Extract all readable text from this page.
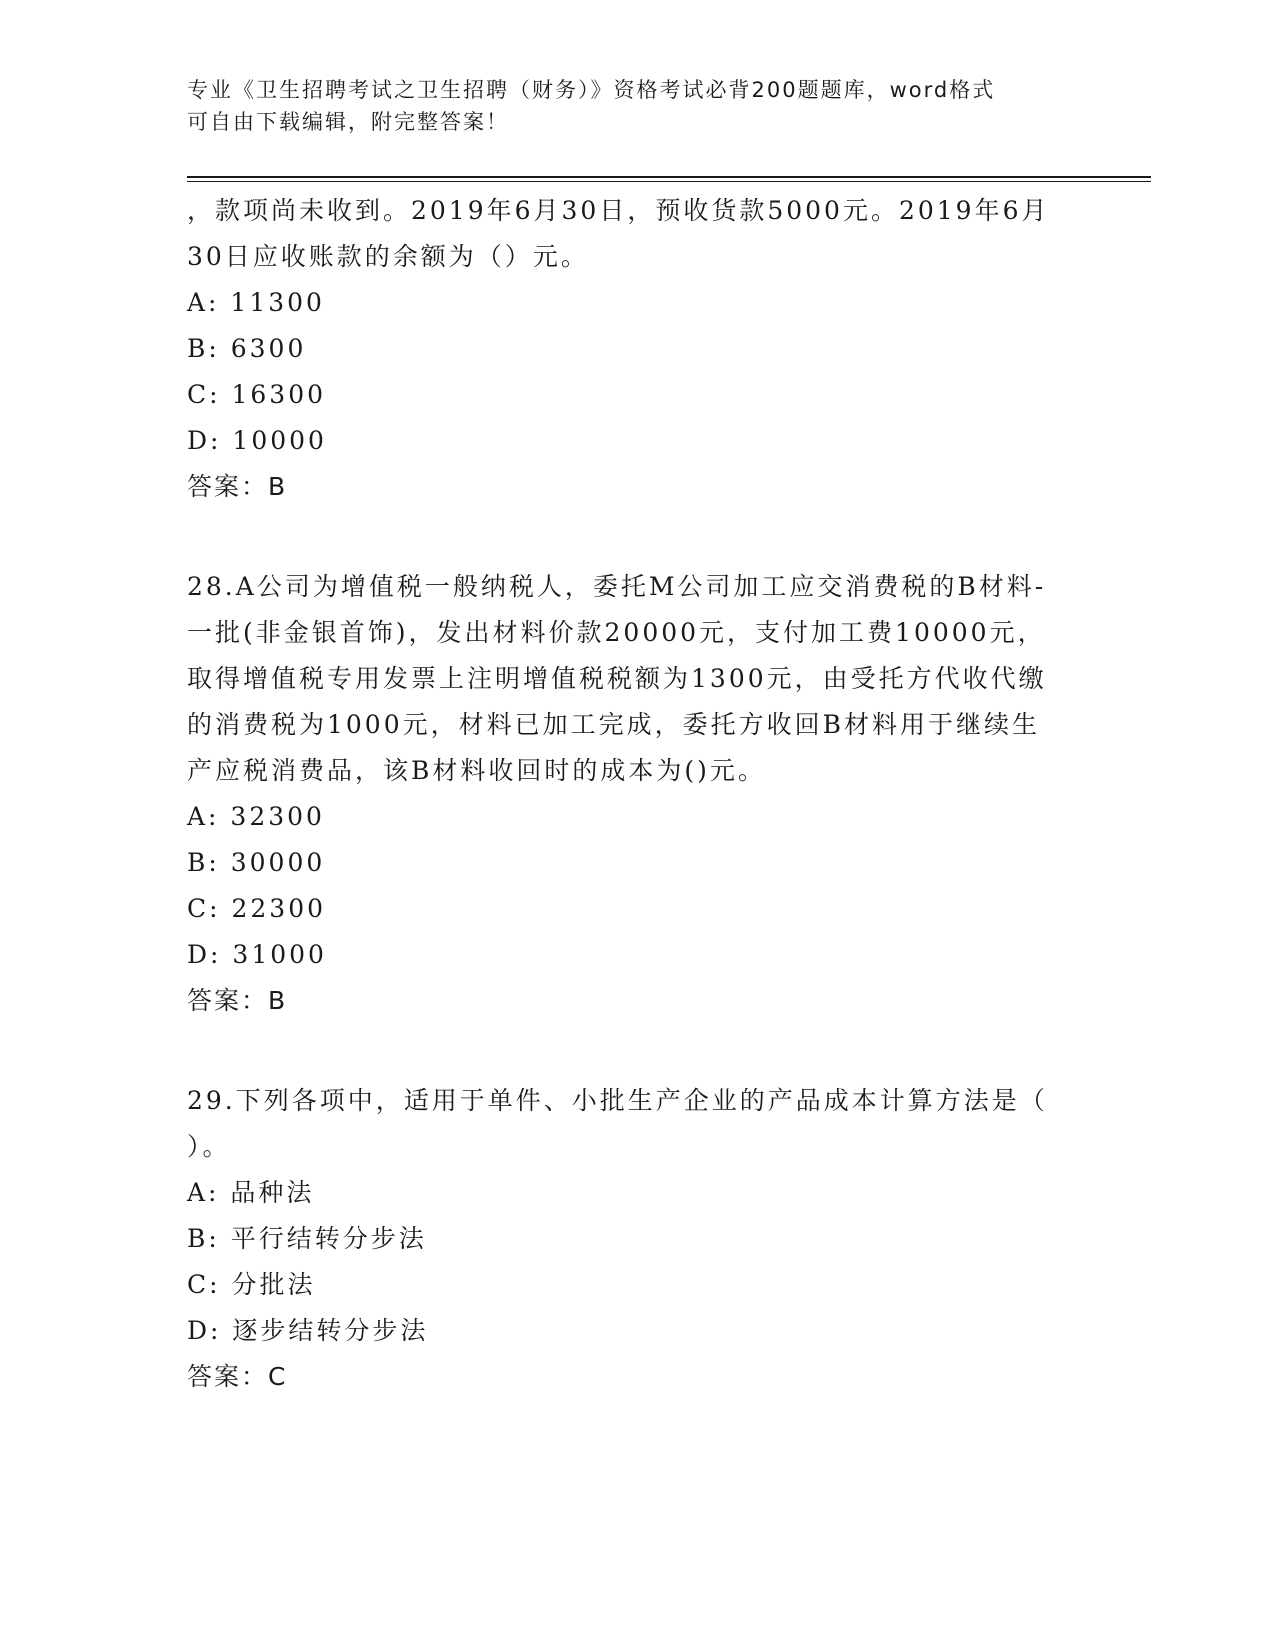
专业《卫生招聘考试之卫生招聘（财务）》资格考试必背200题题库，word格式
可自由下载编辑，附完整答案！

，款项尚未收到。2019年6月30日，预收货款5000元。2019年6月

30日应收账款的余额为（）元。

A: 11300

B: 6300

C: 16300

D: 10000

答案：B

28.A公司为增值税一般纳税人，委托M公司加工应交消费税的B材料-

一批(非金银首饰)，发出材料价款20000元，支付加工费10000元，

取得增值税专用发票上注明增值税税额为1300元，由受托方代收代缴

的消费税为1000元，材料已加工完成，委托方收回B材料用于继续生

产应税消费品，该B材料收回时的成本为()元。

A: 32300

B: 30000

C: 22300

D: 31000

答案：B

29.下列各项中，适用于单件、小批生产企业的产品成本计算方法是（

）。

A: 品种法

B: 平行结转分步法

C: 分批法

D: 逐步结转分步法

答案：C
